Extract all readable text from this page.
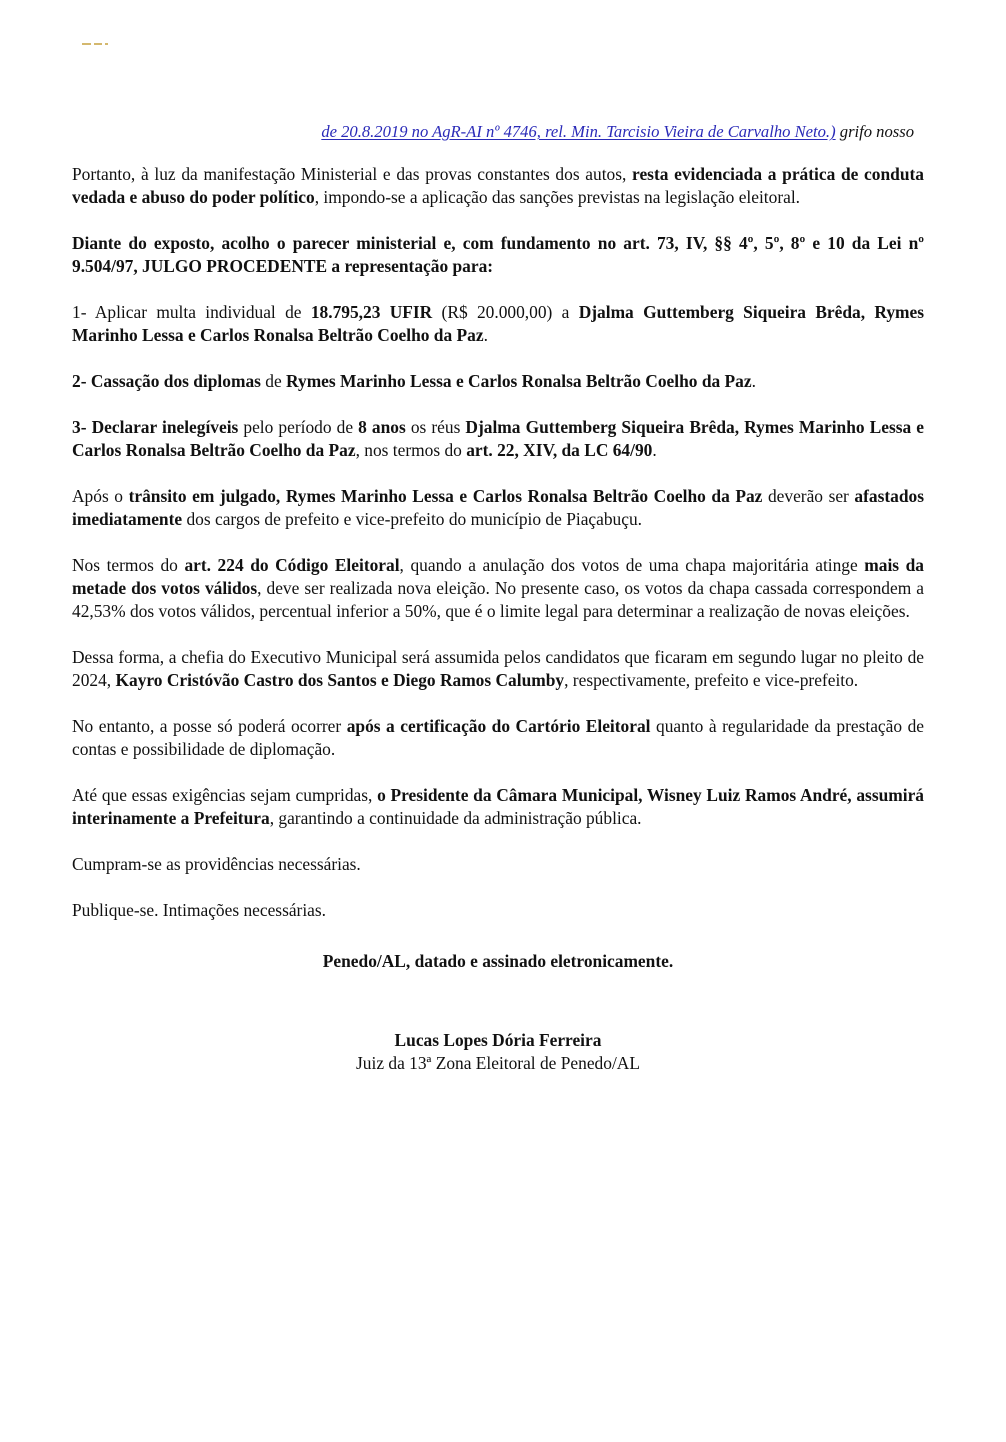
de 20.8.2019 no AgR-AI nº 4746, rel. Min. Tarcisio Vieira de Carvalho Neto.) grifo nosso

Portanto, à luz da manifestação Ministerial e das provas constantes dos autos, resta evidenciada a prática de conduta vedada e abuso do poder político, impondo-se a aplicação das sanções previstas na legislação eleitoral.

Diante do exposto, acolho o parecer ministerial e, com fundamento no art. 73, IV, §§ 4º, 5º, 8º e 10 da Lei nº 9.504/97, JULGO PROCEDENTE a representação para:

1- Aplicar multa individual de 18.795,23 UFIR (R$ 20.000,00) a Djalma Guttemberg Siqueira Brêda, Rymes Marinho Lessa e Carlos Ronalsa Beltrão Coelho da Paz.

2- Cassação dos diplomas de Rymes Marinho Lessa e Carlos Ronalsa Beltrão Coelho da Paz.

3- Declarar inelegíveis pelo período de 8 anos os réus Djalma Guttemberg Siqueira Brêda, Rymes Marinho Lessa e Carlos Ronalsa Beltrão Coelho da Paz, nos termos do art. 22, XIV, da LC 64/90.

Após o trânsito em julgado, Rymes Marinho Lessa e Carlos Ronalsa Beltrão Coelho da Paz deverão ser afastados imediatamente dos cargos de prefeito e vice-prefeito do município de Piaçabuçu.

Nos termos do art. 224 do Código Eleitoral, quando a anulação dos votos de uma chapa majoritária atinge mais da metade dos votos válidos, deve ser realizada nova eleição. No presente caso, os votos da chapa cassada correspondem a 42,53% dos votos válidos, percentual inferior a 50%, que é o limite legal para determinar a realização de novas eleições.

Dessa forma, a chefia do Executivo Municipal será assumida pelos candidatos que ficaram em segundo lugar no pleito de 2024, Kayro Cristóvão Castro dos Santos e Diego Ramos Calumby, respectivamente, prefeito e vice-prefeito.

No entanto, a posse só poderá ocorrer após a certificação do Cartório Eleitoral quanto à regularidade da prestação de contas e possibilidade de diplomação.

Até que essas exigências sejam cumpridas, o Presidente da Câmara Municipal, Wisney Luiz Ramos André, assumirá interinamente a Prefeitura, garantindo a continuidade da administração pública.

Cumpram-se as providências necessárias.

Publique-se. Intimações necessárias.

Penedo/AL, datado e assinado eletronicamente.
Lucas Lopes Dória Ferreira
Juiz da 13ª Zona Eleitoral de Penedo/AL
